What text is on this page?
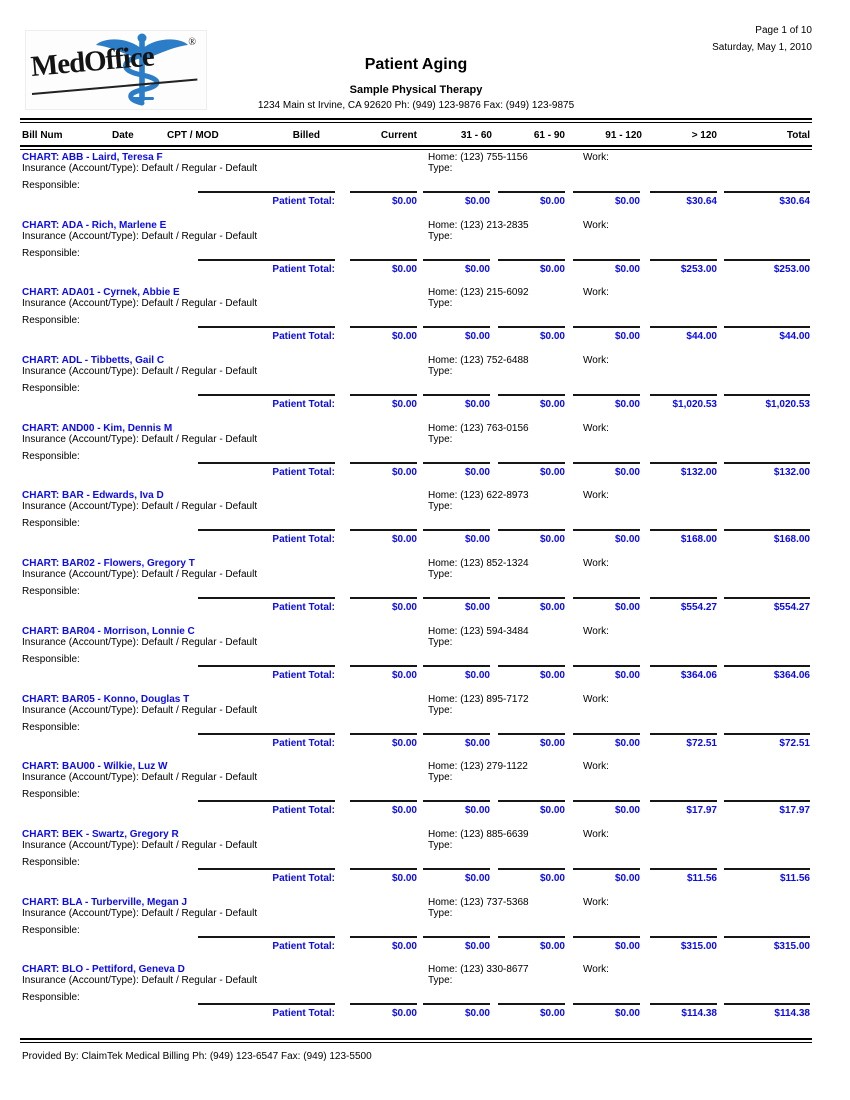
MedOffice	®
Page 1 of 10
Saturday, May 1, 2010
Patient Aging
Sample Physical Therapy
1234 Main st Irvine, CA 92620 Ph: (949) 123-9876 Fax: (949) 123-9875
Bill Num	Date	CPT / MOD	Billed	Current	31 - 60	61 - 90	91 - 120	> 120	Total
CHART: ABB - Laird, Teresa F	Home: (123) 755-1156	Work:
Insurance (Account/Type): Default / Regular - Default	Type:
Responsible:
Patient Total:	$0.00	$0.00	$0.00	$0.00	$30.64	$30.64
CHART: ADA - Rich, Marlene E	Home: (123) 213-2835	Work:
Insurance (Account/Type): Default / Regular - Default	Type:
Responsible:
Patient Total:	$0.00	$0.00	$0.00	$0.00	$253.00	$253.00
CHART: ADA01 - Cyrnek, Abbie E	Home: (123) 215-6092	Work:
Insurance (Account/Type): Default / Regular - Default	Type:
Responsible:
Patient Total:	$0.00	$0.00	$0.00	$0.00	$44.00	$44.00
CHART: ADL - Tibbetts, Gail C	Home: (123) 752-6488	Work:
Insurance (Account/Type): Default / Regular - Default	Type:
Responsible:
Patient Total:	$0.00	$0.00	$0.00	$0.00	$1,020.53	$1,020.53
CHART: AND00 - Kim, Dennis M	Home: (123) 763-0156	Work:
Insurance (Account/Type): Default / Regular - Default	Type:
Responsible:
Patient Total:	$0.00	$0.00	$0.00	$0.00	$132.00	$132.00
CHART: BAR - Edwards, Iva D	Home: (123) 622-8973	Work:
Insurance (Account/Type): Default / Regular - Default	Type:
Responsible:
Patient Total:	$0.00	$0.00	$0.00	$0.00	$168.00	$168.00
CHART: BAR02 - Flowers, Gregory T	Home: (123) 852-1324	Work:
Insurance (Account/Type): Default / Regular - Default	Type:
Responsible:
Patient Total:	$0.00	$0.00	$0.00	$0.00	$554.27	$554.27
CHART: BAR04 - Morrison, Lonnie C	Home: (123) 594-3484	Work:
Insurance (Account/Type): Default / Regular - Default	Type:
Responsible:
Patient Total:	$0.00	$0.00	$0.00	$0.00	$364.06	$364.06
CHART: BAR05 - Konno, Douglas T	Home: (123) 895-7172	Work:
Insurance (Account/Type): Default / Regular - Default	Type:
Responsible:
Patient Total:	$0.00	$0.00	$0.00	$0.00	$72.51	$72.51
CHART: BAU00 - Wilkie, Luz W	Home: (123) 279-1122	Work:
Insurance (Account/Type): Default / Regular - Default	Type:
Responsible:
Patient Total:	$0.00	$0.00	$0.00	$0.00	$17.97	$17.97
CHART: BEK - Swartz, Gregory R	Home: (123) 885-6639	Work:
Insurance (Account/Type): Default / Regular - Default	Type:
Responsible:
Patient Total:	$0.00	$0.00	$0.00	$0.00	$11.56	$11.56
CHART: BLA - Turberville, Megan J	Home: (123) 737-5368	Work:
Insurance (Account/Type): Default / Regular - Default	Type:
Responsible:
Patient Total:	$0.00	$0.00	$0.00	$0.00	$315.00	$315.00
CHART: BLO - Pettiford, Geneva D	Home: (123) 330-8677	Work:
Insurance (Account/Type): Default / Regular - Default	Type:
Responsible:
Patient Total:	$0.00	$0.00	$0.00	$0.00	$114.38	$114.38
Provided By: ClaimTek Medical Billing Ph: (949) 123-6547 Fax: (949) 123-5500
